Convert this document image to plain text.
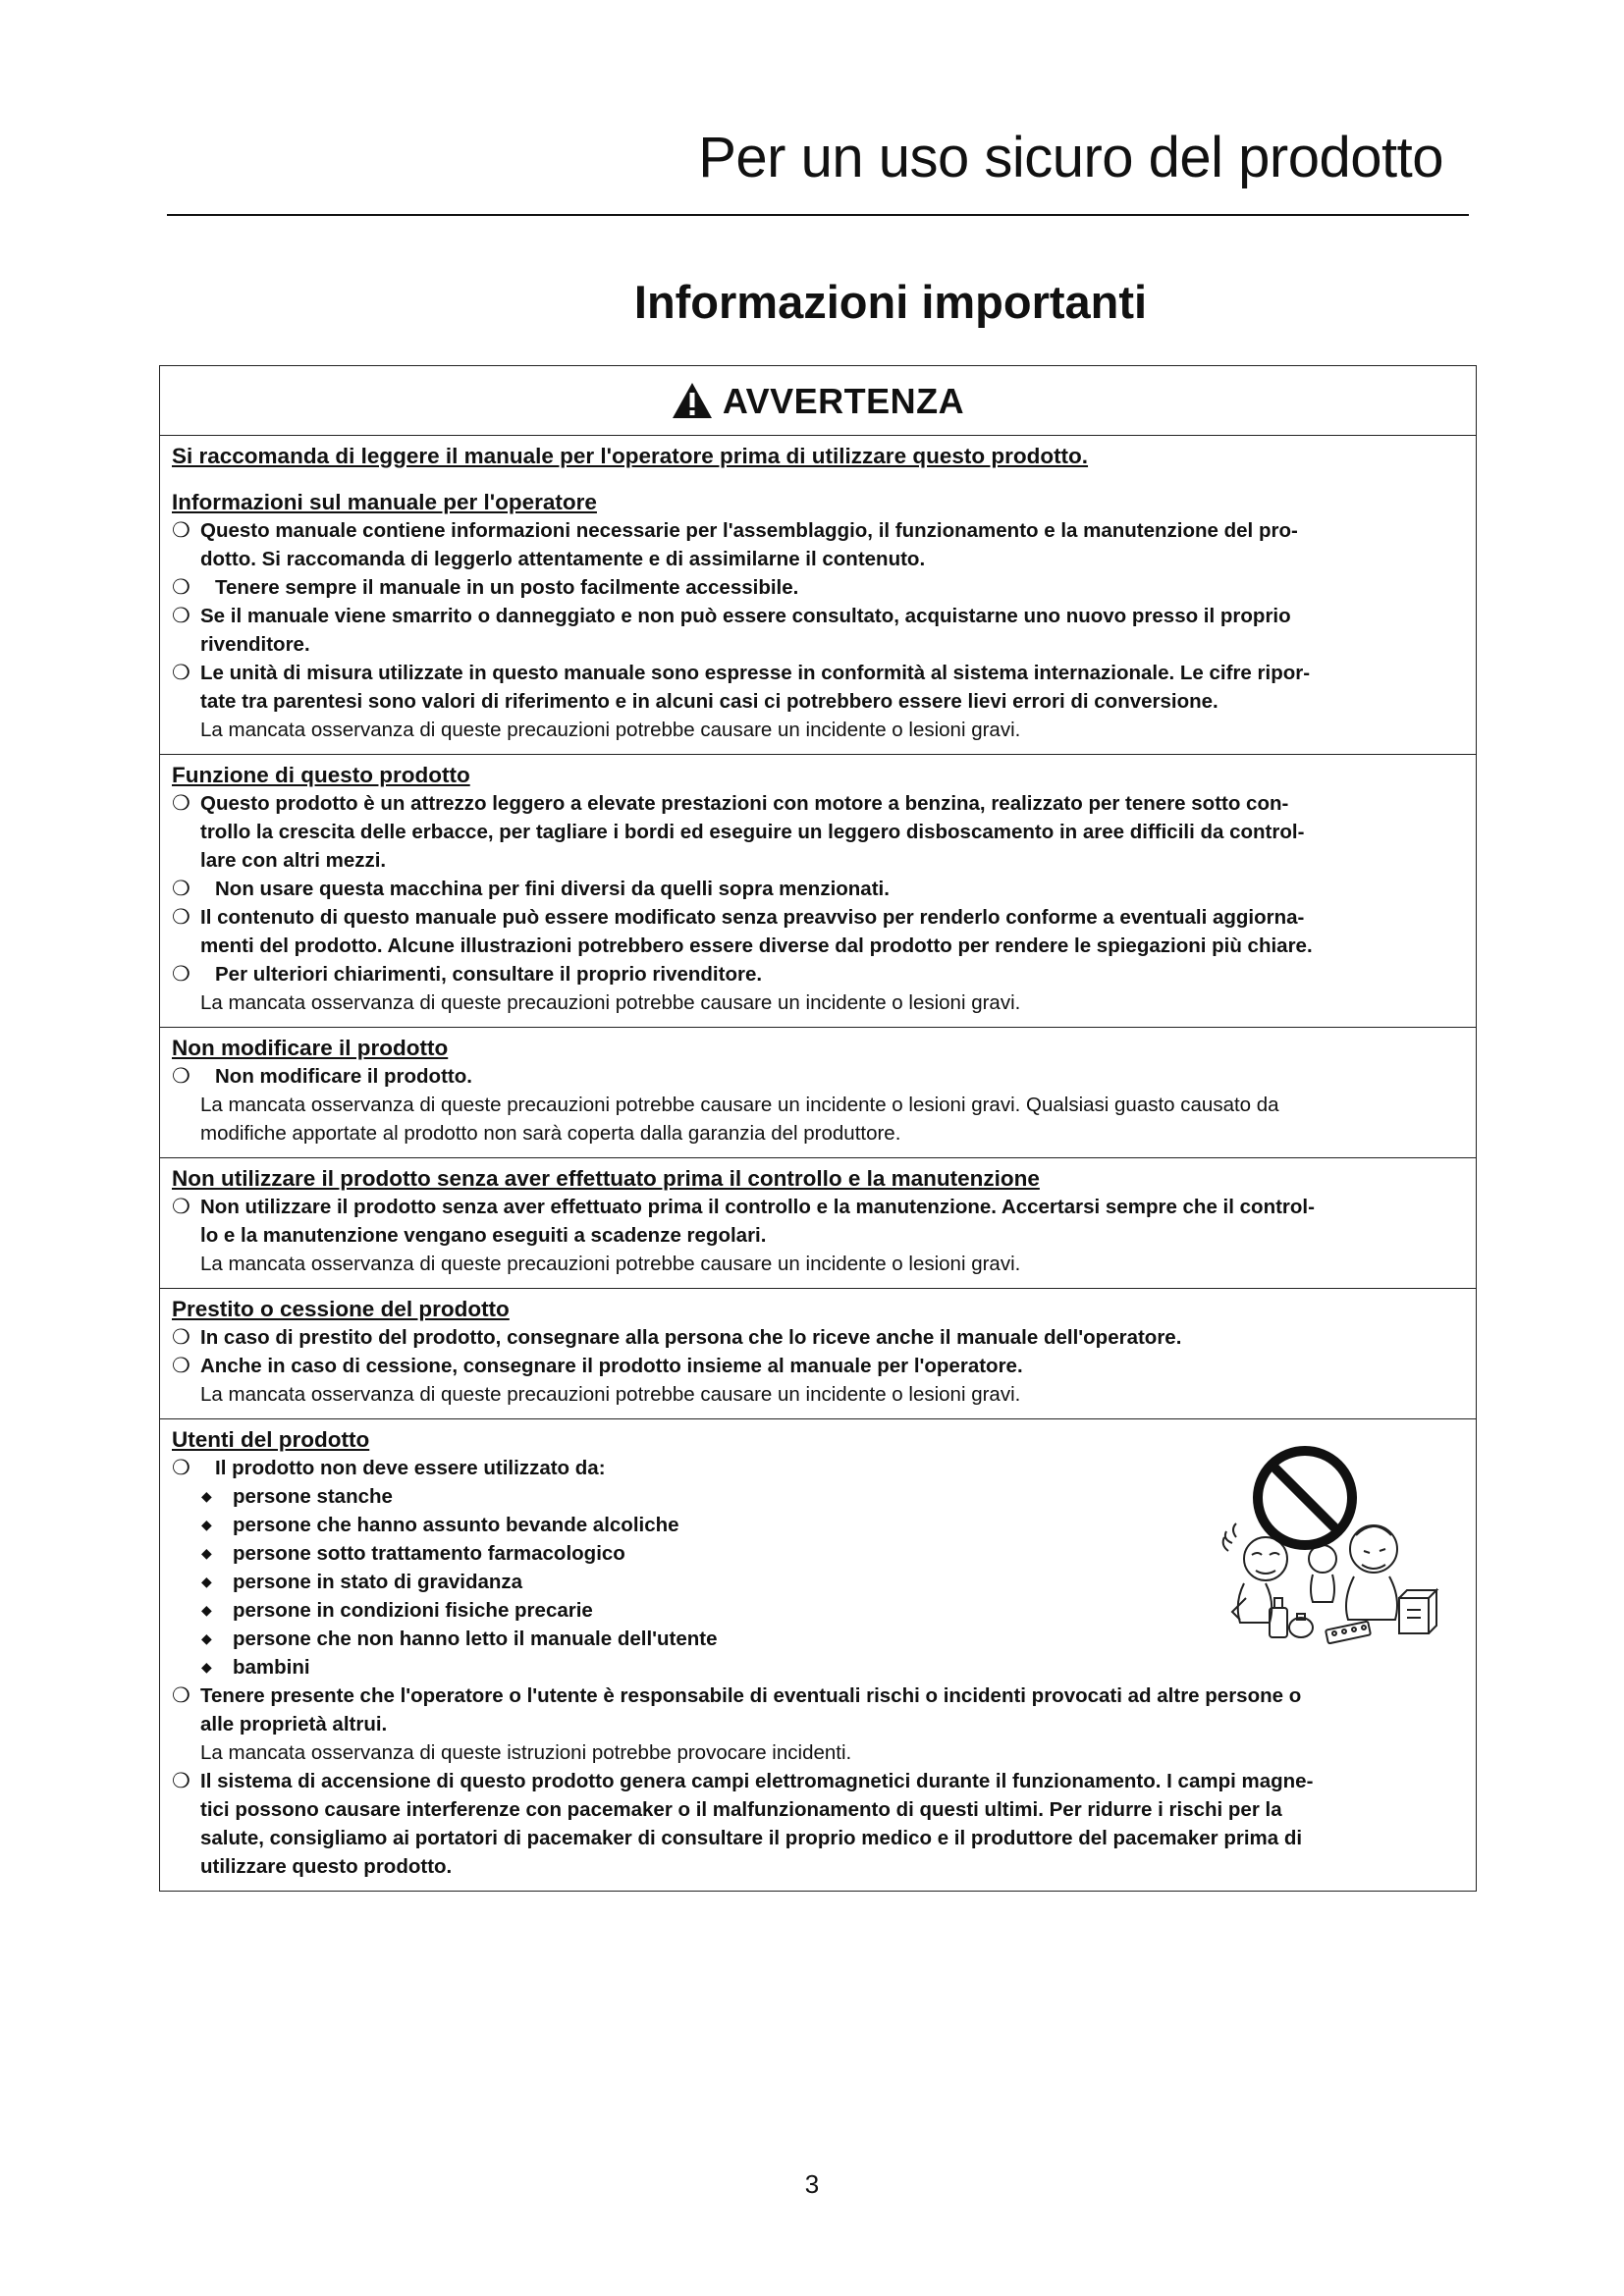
Per un uso sicuro del prodotto
Informazioni importanti
AVVERTENZA
Si raccomanda di leggere il manuale per l'operatore prima di utilizzare questo prodotto.
Informazioni sul manuale per l'operatore
❍ Questo manuale contiene informazioni necessarie per l'assemblaggio, il funzionamento e la manutenzione del pro-
dotto. Si raccomanda di leggerlo attentamente e di assimilarne il contenuto.
❍ Tenere sempre il manuale in un posto facilmente accessibile.
❍ Se il manuale viene smarrito o danneggiato e non può essere consultato, acquistarne uno nuovo presso il proprio
rivenditore.
❍ Le unità di misura utilizzate in questo manuale sono espresse in conformità al sistema internazionale. Le cifre ripor-
tate tra parentesi sono valori di riferimento e in alcuni casi ci potrebbero essere lievi errori di conversione.
La mancata osservanza di queste precauzioni potrebbe causare un incidente o lesioni gravi.
Funzione di questo prodotto
❍ Questo prodotto è un attrezzo leggero a elevate prestazioni con motore a benzina, realizzato per tenere sotto con-
trollo la crescita delle erbacce, per tagliare i bordi ed eseguire un leggero disboscamento in aree difficili da control-
lare con altri mezzi.
❍ Non usare questa macchina per fini diversi da quelli sopra menzionati.
❍ Il contenuto di questo manuale può essere modificato senza preavviso per renderlo conforme a eventuali aggiorna-
menti del prodotto. Alcune illustrazioni potrebbero essere diverse dal prodotto per rendere le spiegazioni più chiare.
❍ Per ulteriori chiarimenti, consultare il proprio rivenditore.
La mancata osservanza di queste precauzioni potrebbe causare un incidente o lesioni gravi.
Non modificare il prodotto
❍ Non modificare il prodotto.
La mancata osservanza di queste precauzioni potrebbe causare un incidente o lesioni gravi. Qualsiasi guasto causato da
modifiche apportate al prodotto non sarà coperta dalla garanzia del produttore.
Non utilizzare il prodotto senza aver effettuato prima il controllo e la manutenzione
❍ Non utilizzare il prodotto senza aver effettuato prima il controllo e la manutenzione. Accertarsi sempre che il control-
lo e la manutenzione vengano eseguiti a scadenze regolari.
La mancata osservanza di queste precauzioni potrebbe causare un incidente o lesioni gravi.
Prestito o cessione del prodotto
❍ In caso di prestito del prodotto, consegnare alla persona che lo riceve anche il manuale dell'operatore.
❍ Anche in caso di cessione, consegnare il prodotto insieme al manuale per l'operatore.
La mancata osservanza di queste precauzioni potrebbe causare un incidente o lesioni gravi.
Utenti del prodotto
❍ Il prodotto non deve essere utilizzato da:
◆ persone stanche
◆ persone che hanno assunto bevande alcoliche
◆ persone sotto trattamento farmacologico
◆ persone in stato di gravidanza
◆ persone in condizioni fisiche precarie
◆ persone che non hanno letto il manuale dell'utente
◆ bambini
❍ Tenere presente che l'operatore o l'utente è responsabile di eventuali rischi o incidenti provocati ad altre persone o
alle proprietà altrui.
La mancata osservanza di queste istruzioni potrebbe provocare incidenti.
❍ Il sistema di accensione di questo prodotto genera campi elettromagnetici durante il funzionamento. I campi magne-
tici possono causare interferenze con pacemaker o il malfunzionamento di questi ultimi. Per ridurre i rischi per la
salute, consigliamo ai portatori di pacemaker di consultare il proprio medico e il produttore del pacemaker prima di
utilizzare questo prodotto.
3
